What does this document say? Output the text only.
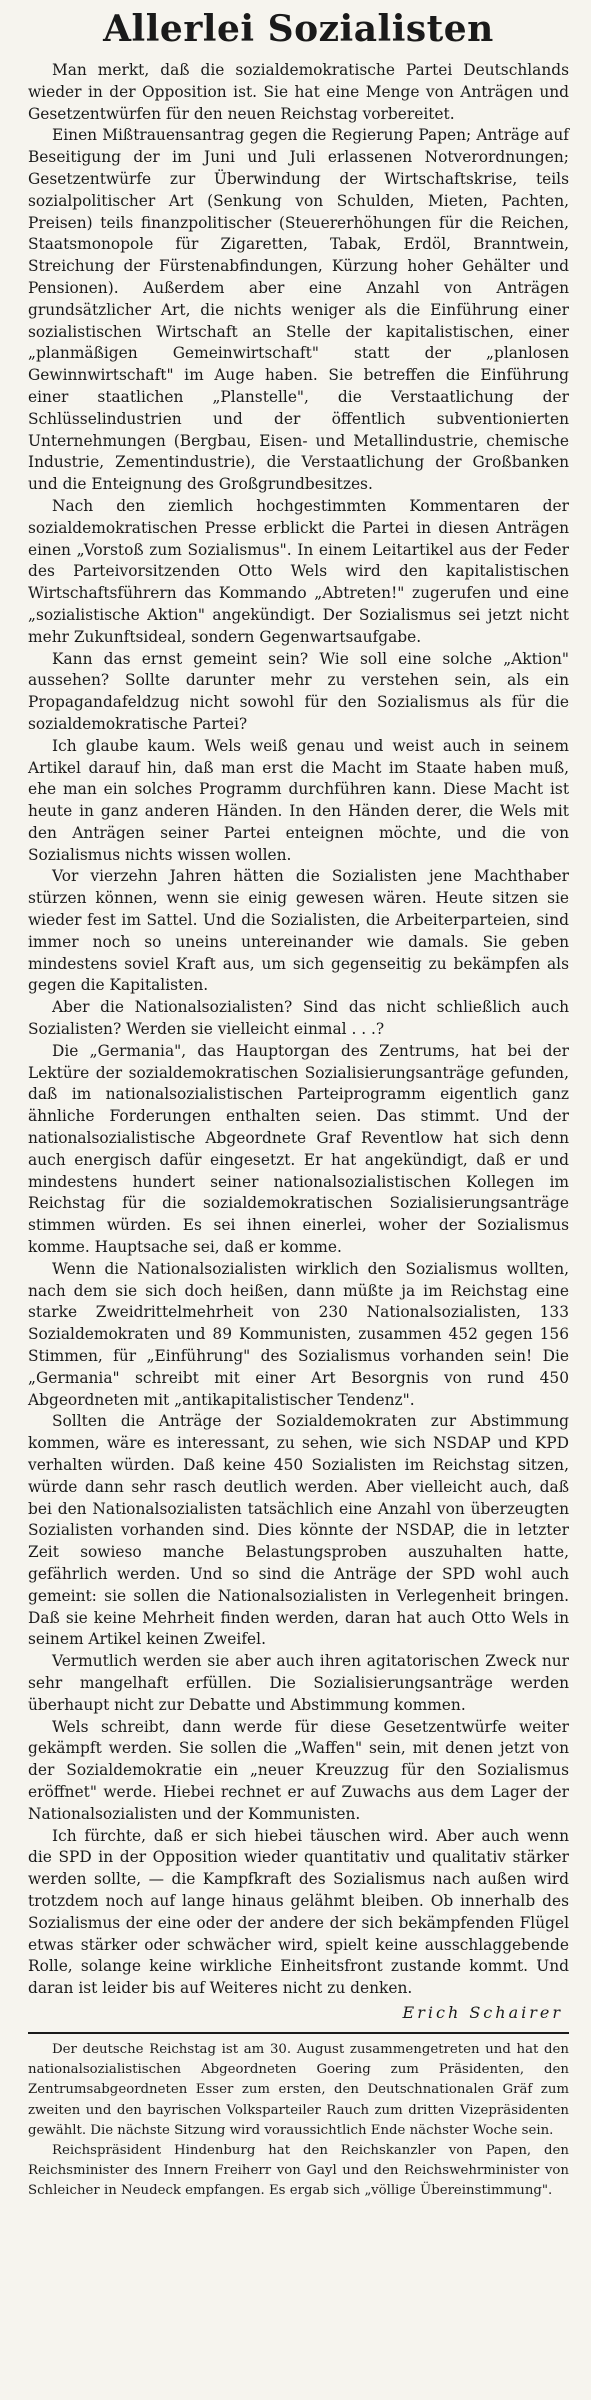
Allerlei Sozialisten

Man merkt, daß die sozialdemokratische Partei Deutschlands wieder in der Opposition ist. Sie hat eine Menge von Anträgen und Gesetzentwürfen für den neuen Reichstag vorbereitet.

Einen Mißtrauensantrag gegen die Regierung Papen; Anträge auf Beseitigung der im Juni und Juli erlassenen Notverordnungen; Gesetzentwürfe zur Überwindung der Wirtschaftskrise, teils sozialpolitischer Art (Senkung von Schulden, Mieten, Pachten, Preisen) teils finanzpolitischer (Steuererhöhungen für die Reichen, Staatsmonopole für Zigaretten, Tabak, Erdöl, Branntwein, Streichung der Fürstenabfindungen, Kürzung hoher Gehälter und Pensionen). Außerdem aber eine Anzahl von Anträgen grundsätzlicher Art, die nichts weniger als die Einführung einer sozialistischen Wirtschaft an Stelle der kapitalistischen, einer „planmäßigen Gemeinwirtschaft" statt der „planlosen Gewinnwirtschaft" im Auge haben. Sie betreffen die Einführung einer staatlichen „Planstelle", die Verstaatlichung der Schlüsselindustrien und der öffentlich subventionierten Unternehmungen (Bergbau, Eisen- und Metallindustrie, chemische Industrie, Zementindustrie), die Verstaatlichung der Großbanken und die Enteignung des Großgrundbesitzes.

Nach den ziemlich hochgestimmten Kommentaren der sozialdemokratischen Presse erblickt die Partei in diesen Anträgen einen „Vorstoß zum Sozialismus". In einem Leitartikel aus der Feder des Parteivorsitzenden Otto Wels wird den kapitalistischen Wirtschaftsführern das Kommando „Abtreten!" zugerufen und eine „sozialistische Aktion" angekündigt. Der Sozialismus sei jetzt nicht mehr Zukunftsideal, sondern Gegenwartsaufgabe.

Kann das ernst gemeint sein? Wie soll eine solche „Aktion" aussehen? Sollte darunter mehr zu verstehen sein, als ein Propagandafeldzug nicht sowohl für den Sozialismus als für die sozialdemokratische Partei?

Ich glaube kaum. Wels weiß genau und weist auch in seinem Artikel darauf hin, daß man erst die Macht im Staate haben muß, ehe man ein solches Programm durchführen kann. Diese Macht ist heute in ganz anderen Händen. In den Händen derer, die Wels mit den Anträgen seiner Partei enteignen möchte, und die von Sozialismus nichts wissen wollen.

Vor vierzehn Jahren hätten die Sozialisten jene Machthaber stürzen können, wenn sie einig gewesen wären. Heute sitzen sie wieder fest im Sattel. Und die Sozialisten, die Arbeiterparteien, sind immer noch so uneins untereinander wie damals. Sie geben mindestens soviel Kraft aus, um sich gegenseitig zu bekämpfen als gegen die Kapitalisten.

Aber die Nationalsozialisten? Sind das nicht schließlich auch Sozialisten? Werden sie vielleicht einmal . . .?

Die „Germania", das Hauptorgan des Zentrums, hat bei der Lektüre der sozialdemokratischen Sozialisierungsanträge gefunden, daß im nationalsozialistischen Parteiprogramm eigentlich ganz ähnliche Forderungen enthalten seien. Das stimmt. Und der nationalsozialistische Abgeordnete Graf Reventlow hat sich denn auch energisch dafür eingesetzt. Er hat angekündigt, daß er und mindestens hundert seiner nationalsozialistischen Kollegen im Reichstag für die sozialdemokratischen Sozialisierungsanträge stimmen würden. Es sei ihnen einerlei, woher der Sozialismus komme. Hauptsache sei, daß er komme.

Wenn die Nationalsozialisten wirklich den Sozialismus wollten, nach dem sie sich doch heißen, dann müßte ja im Reichstag eine starke Zweidrittelmehrheit von 230 Nationalsozialisten, 133 Sozialdemokraten und 89 Kommunisten, zusammen 452 gegen 156 Stimmen, für „Einführung" des Sozialismus vorhanden sein! Die „Germania" schreibt mit einer Art Besorgnis von rund 450 Abgeordneten mit „antikapitalistischer Tendenz".

Sollten die Anträge der Sozialdemokraten zur Abstimmung kommen, wäre es interessant, zu sehen, wie sich NSDAP und KPD verhalten würden. Daß keine 450 Sozialisten im Reichstag sitzen, würde dann sehr rasch deutlich werden. Aber vielleicht auch, daß bei den Nationalsozialisten tatsächlich eine Anzahl von überzeugten Sozialisten vorhanden sind. Dies könnte der NSDAP, die in letzter Zeit sowieso manche Belastungsproben auszuhalten hatte, gefährlich werden. Und so sind die Anträge der SPD wohl auch gemeint: sie sollen die Nationalsozialisten in Verlegenheit bringen. Daß sie keine Mehrheit finden werden, daran hat auch Otto Wels in seinem Artikel keinen Zweifel.

Vermutlich werden sie aber auch ihren agitatorischen Zweck nur sehr mangelhaft erfüllen. Die Sozialisierungsanträge werden überhaupt nicht zur Debatte und Abstimmung kommen.

Wels schreibt, dann werde für diese Gesetzentwürfe weiter gekämpft werden. Sie sollen die „Waffen" sein, mit denen jetzt von der Sozialdemokratie ein „neuer Kreuzzug für den Sozialismus eröffnet" werde. Hiebei rechnet er auf Zuwachs aus dem Lager der Nationalsozialisten und der Kommunisten.

Ich fürchte, daß er sich hiebei täuschen wird. Aber auch wenn die SPD in der Opposition wieder quantitativ und qualitativ stärker werden sollte, — die Kampfkraft des Sozialismus nach außen wird trotzdem noch auf lange hinaus gelähmt bleiben. Ob innerhalb des Sozialismus der eine oder der andere der sich bekämpfenden Flügel etwas stärker oder schwächer wird, spielt keine ausschlaggebende Rolle, solange keine wirkliche Einheitsfront zustande kommt. Und daran ist leider bis auf Weiteres nicht zu denken.

Erich Schairer

Der deutsche Reichstag ist am 30. August zusammengetreten und hat den nationalsozialistischen Abgeordneten Goering zum Präsidenten, den Zentrumsabgeordneten Esser zum ersten, den Deutschnationalen Gräf zum zweiten und den bayrischen Volksparteiler Rauch zum dritten Vizepräsidenten gewählt. Die nächste Sitzung wird voraussichtlich Ende nächster Woche sein.

Reichspräsident Hindenburg hat den Reichskanzler von Papen, den Reichsminister des Innern Freiherr von Gayl und den Reichswehrminister von Schleicher in Neudeck empfangen. Es ergab sich „völlige Übereinstimmung".
